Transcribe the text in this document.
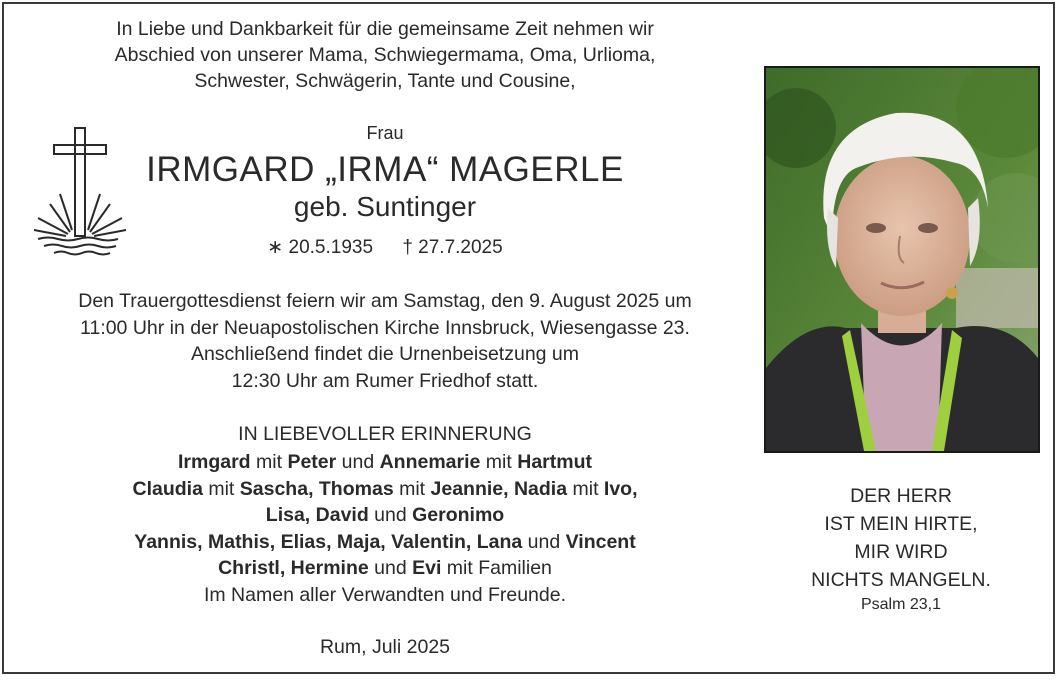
In Liebe und Dankbarkeit für die gemeinsame Zeit nehmen wir
Abschied von unserer Mama, Schwiegermama, Oma, Urlioma,
Schwester, Schwägerin, Tante und Cousine,
Frau
IRMGARD „IRMA“ MAGERLE
geb. Suntinger
∗ 20.5.1935 † 27.7.2025
Den Trauergottesdienst feiern wir am Samstag, den 9. August 2025 um
11:00 Uhr in der Neuapostolischen Kirche Innsbruck, Wiesengasse 23.
Anschließend findet die Urnenbeisetzung um
12:30 Uhr am Rumer Friedhof statt.
IN LIEBEVOLLER ERINNERUNG
Irmgard mit Peter und Annemarie mit Hartmut
Claudia mit Sascha, Thomas mit Jeannie, Nadia mit Ivo,
Lisa, David und Geronimo
Yannis, Mathis, Elias, Maja, Valentin, Lana und Vincent
Christl, Hermine und Evi mit Familien
Im Namen aller Verwandten und Freunde.
Rum, Juli 2025
DER HERR
IST MEIN HIRTE,
MIR WIRD
NICHTS MANGELN.
Psalm 23,1
